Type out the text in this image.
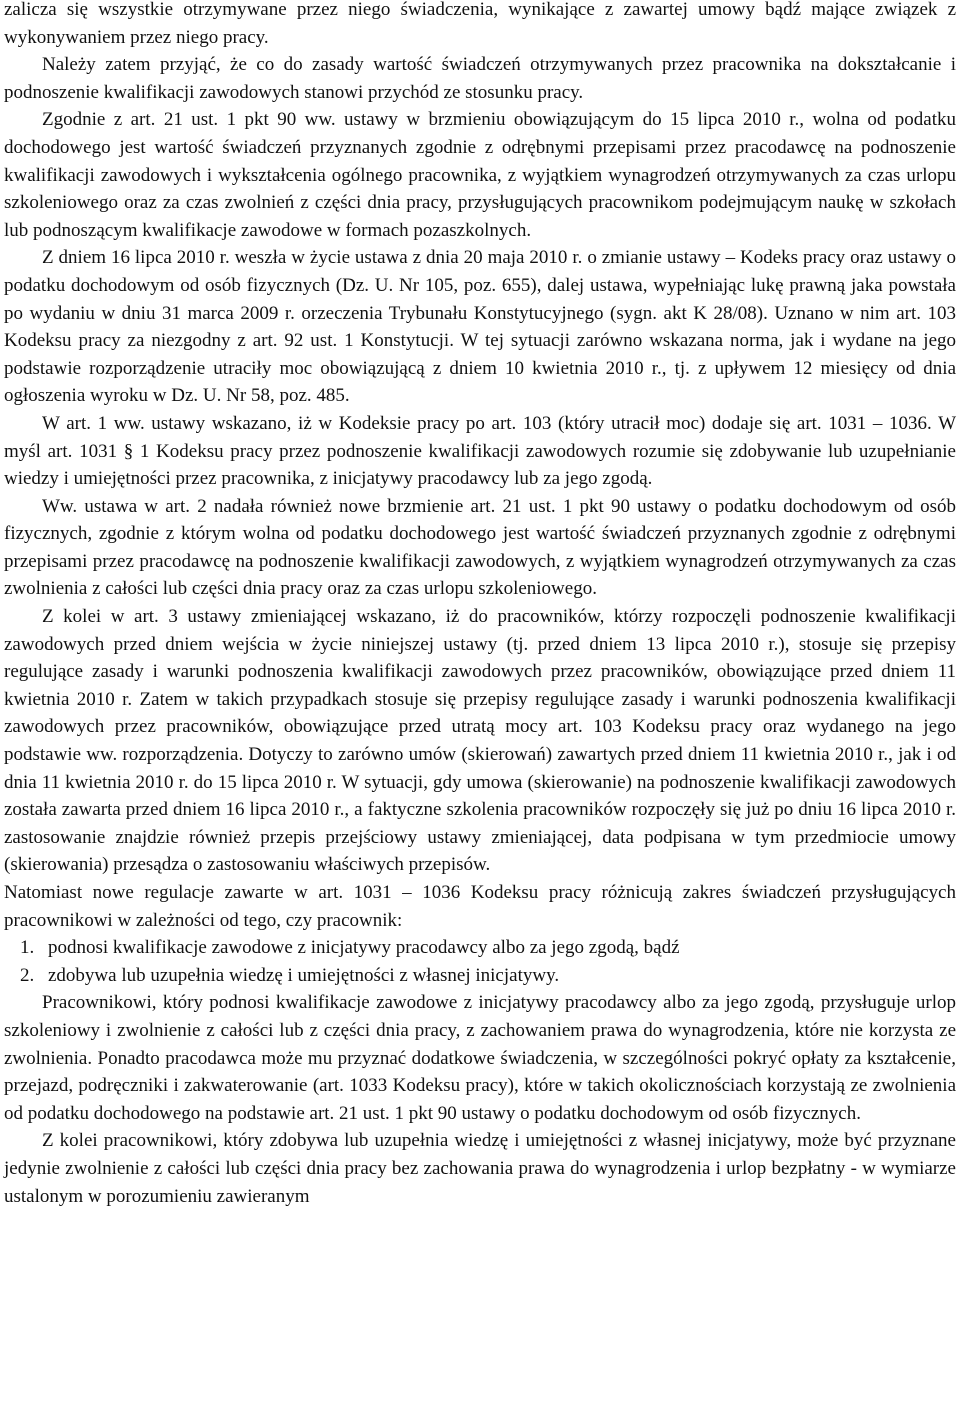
zalicza się wszystkie otrzymywane przez niego świadczenia, wynikające z zawartej umowy bądź mające związek z wykonywaniem przez niego pracy.

Należy zatem przyjąć, że co do zasady wartość świadczeń otrzymywanych przez pracownika na dokształcanie i podnoszenie kwalifikacji zawodowych stanowi przychód ze stosunku pracy.

Zgodnie z art. 21 ust. 1 pkt 90 ww. ustawy w brzmieniu obowiązującym do 15 lipca 2010 r., wolna od podatku dochodowego jest wartość świadczeń przyznanych zgodnie z odrębnymi przepisami przez pracodawcę na podnoszenie kwalifikacji zawodowych i wykształcenia ogólnego pracownika, z wyjątkiem wynagrodzeń otrzymywanych za czas urlopu szkoleniowego oraz za czas zwolnień z części dnia pracy, przysługujących pracownikom podejmującym naukę w szkołach lub podnoszącym kwalifikacje zawodowe w formach pozaszkolnych.

Z dniem 16 lipca 2010 r. weszła w życie ustawa z dnia 20 maja 2010 r. o zmianie ustawy – Kodeks pracy oraz ustawy o podatku dochodowym od osób fizycznych (Dz. U. Nr 105, poz. 655), dalej ustawa, wypełniając lukę prawną jaka powstała po wydaniu w dniu 31 marca 2009 r. orzeczenia Trybunału Konstytucyjnego (sygn. akt K 28/08). Uznano w nim art. 103 Kodeksu pracy za niezgodny z art. 92 ust. 1 Konstytucji. W tej sytuacji zarówno wskazana norma, jak i wydane na jego podstawie rozporządzenie utraciły moc obowiązującą z dniem 10 kwietnia 2010 r., tj. z upływem 12 miesięcy od dnia ogłoszenia wyroku w Dz. U. Nr 58, poz. 485.

W art. 1 ww. ustawy wskazano, iż w Kodeksie pracy po art. 103 (który utracił moc) dodaje się art. 1031 – 1036. W myśl art. 1031 § 1 Kodeksu pracy przez podnoszenie kwalifikacji zawodowych rozumie się zdobywanie lub uzupełnianie wiedzy i umiejętności przez pracownika, z inicjatywy pracodawcy lub za jego zgodą.

Ww. ustawa w art. 2 nadała również nowe brzmienie art. 21 ust. 1 pkt 90 ustawy o podatku dochodowym od osób fizycznych, zgodnie z którym wolna od podatku dochodowego jest wartość świadczeń przyznanych zgodnie z odrębnymi przepisami przez pracodawcę na podnoszenie kwalifikacji zawodowych, z wyjątkiem wynagrodzeń otrzymywanych za czas zwolnienia z całości lub części dnia pracy oraz za czas urlopu szkoleniowego.

Z kolei w art. 3 ustawy zmieniającej wskazano, iż do pracowników, którzy rozpoczęli podnoszenie kwalifikacji zawodowych przed dniem wejścia w życie niniejszej ustawy (tj. przed dniem 13 lipca 2010 r.), stosuje się przepisy regulujące zasady i warunki podnoszenia kwalifikacji zawodowych przez pracowników, obowiązujące przed dniem 11 kwietnia 2010 r. Zatem w takich przypadkach stosuje się przepisy regulujące zasady i warunki podnoszenia kwalifikacji zawodowych przez pracowników, obowiązujące przed utratą mocy art. 103 Kodeksu pracy oraz wydanego na jego podstawie ww. rozporządzenia. Dotyczy to zarówno umów (skierowań) zawartych przed dniem 11 kwietnia 2010 r., jak i od dnia 11 kwietnia 2010 r. do 15 lipca 2010 r. W sytuacji, gdy umowa (skierowanie) na podnoszenie kwalifikacji zawodowych została zawarta przed dniem 16 lipca 2010 r., a faktyczne szkolenia pracowników rozpoczęły się już po dniu 16 lipca 2010 r. zastosowanie znajdzie również przepis przejściowy ustawy zmieniającej, data podpisana w tym przedmiocie umowy (skierowania) przesądza o zastosowaniu właściwych przepisów.

Natomiast nowe regulacje zawarte w art. 1031 – 1036 Kodeksu pracy różnicują zakres świadczeń przysługujących pracownikowi w zależności od tego, czy pracownik:

1. podnosi kwalifikacje zawodowe z inicjatywy pracodawcy albo za jego zgodą, bądź
2. zdobywa lub uzupełnia wiedzę i umiejętności z własnej inicjatywy.

Pracownikowi, który podnosi kwalifikacje zawodowe z inicjatywy pracodawcy albo za jego zgodą, przysługuje urlop szkoleniowy i zwolnienie z całości lub z części dnia pracy, z zachowaniem prawa do wynagrodzenia, które nie korzysta ze zwolnienia. Ponadto pracodawca może mu przyznać dodatkowe świadczenia, w szczególności pokryć opłaty za kształcenie, przejazd, podręczniki i zakwaterowanie (art. 1033 Kodeksu pracy), które w takich okolicznościach korzystają ze zwolnienia od podatku dochodowego na podstawie art. 21 ust. 1 pkt 90 ustawy o podatku dochodowym od osób fizycznych.

Z kolei pracownikowi, który zdobywa lub uzupełnia wiedzę i umiejętności z własnej inicjatywy, może być przyznane jedynie zwolnienie z całości lub części dnia pracy bez zachowania prawa do wynagrodzenia i urlop bezpłatny - w wymiarze ustalonym w porozumieniu zawieranym
